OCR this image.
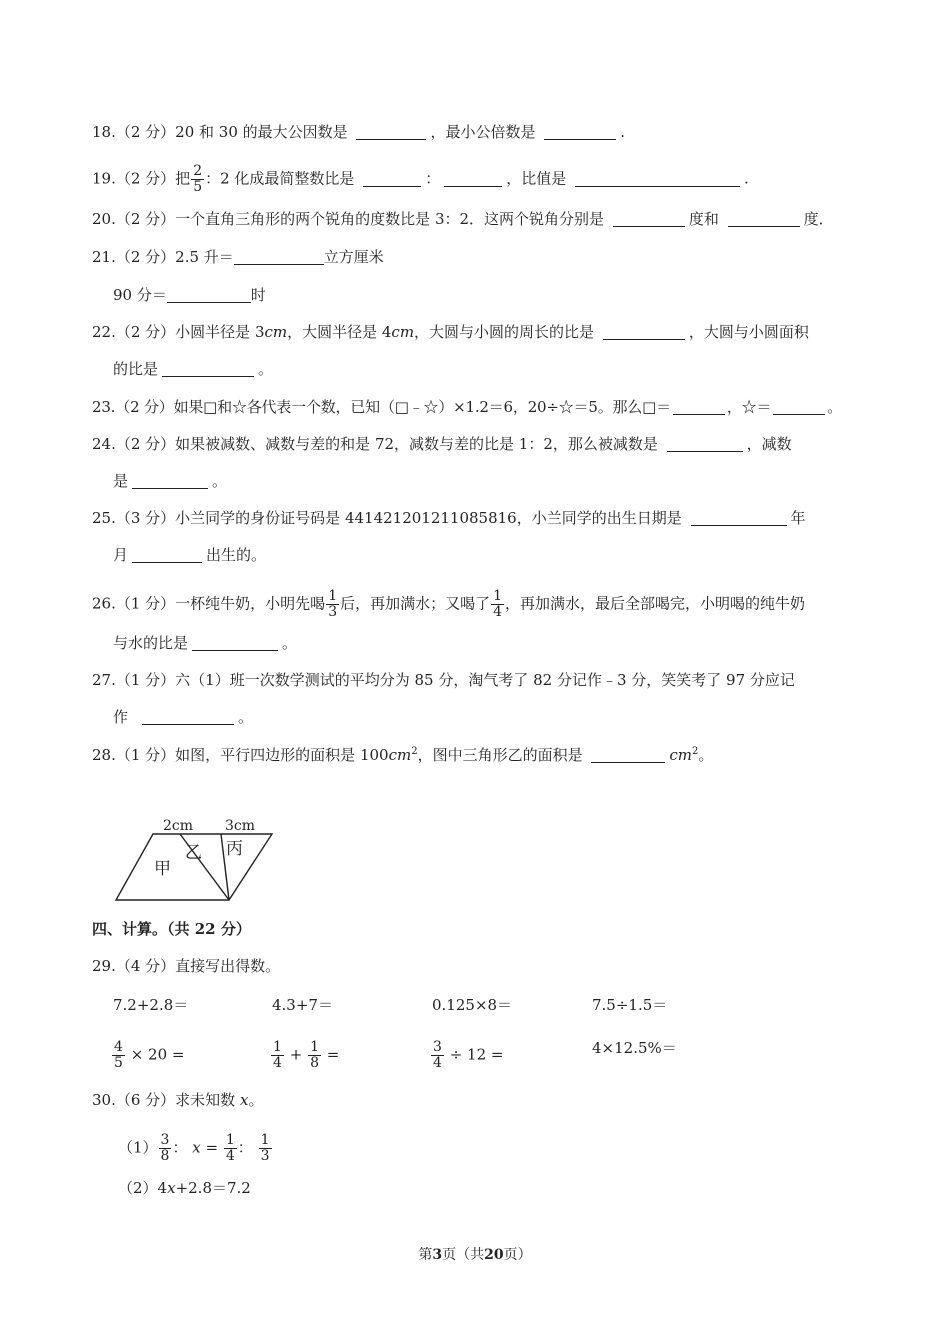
18.（2 分）20 和 30 的最大公因数是	，最小公倍数是	.
19.（2 分）把 $\frac{2}{5}$ ：2 化成最简整数比是	：	，比值是	.
20.（2 分）一个直角三角形的两个锐角的度数比是 3：2．这两个锐角分别是	度和	度．
21.（2 分）2.5 升＝	立方厘米
90 分＝	时
22.（2 分）小圆半径是 3cm，大圆半径是 4cm，大圆与小圆的周长的比是	，大圆与小圆面积
的比是	。
23.（2 分）如果□和☆各代表一个数，已知（□﹣☆）×1.2＝6，20÷☆＝5。那么□＝	，☆＝	。
24.（2 分）如果被减数、减数与差的和是 72，减数与差的比是 1：2，那么被减数是	，减数
是	。
25.（3 分）小兰同学的身份证号码是 441421201211085816，小兰同学的出生日期是	年
月	出生的。
26.（1 分）一杯纯牛奶，小明先喝 $\frac{1}{3}$ 后，再加满水；又喝了 $\frac{1}{4}$ ，再加满水，最后全部喝完，小明喝的纯牛奶
与水的比是	。
27.（1 分）六（1）班一次数学测试的平均分为 85 分，淘气考了 82 分记作﹣3 分，笑笑考了 97 分应记
作	。
28.（1 分）如图，平行四边形的面积是 $100cm^2$，图中三角形乙的面积是	$cm^2$。
2cm 3cm
甲
乙 丙
四、计算。（共 22 分）
29.（4 分）直接写出得数。
7.2+2.8＝	4.3+7＝	0.125×8＝	7.5÷1.5＝
$\frac{4}{5} \times 20$ =	$\frac{1}{4} + \frac{1}{8}$ =	$\frac{3}{4} \div 12$ =	4×12.5%＝
30.（6 分）求未知数 x。
$(1) \frac{3}{8}$ ： $x = \frac{1}{4}$ ： $\frac{1}{3}$
（2）4x+2.8＝7.2
第3页（共20页）
